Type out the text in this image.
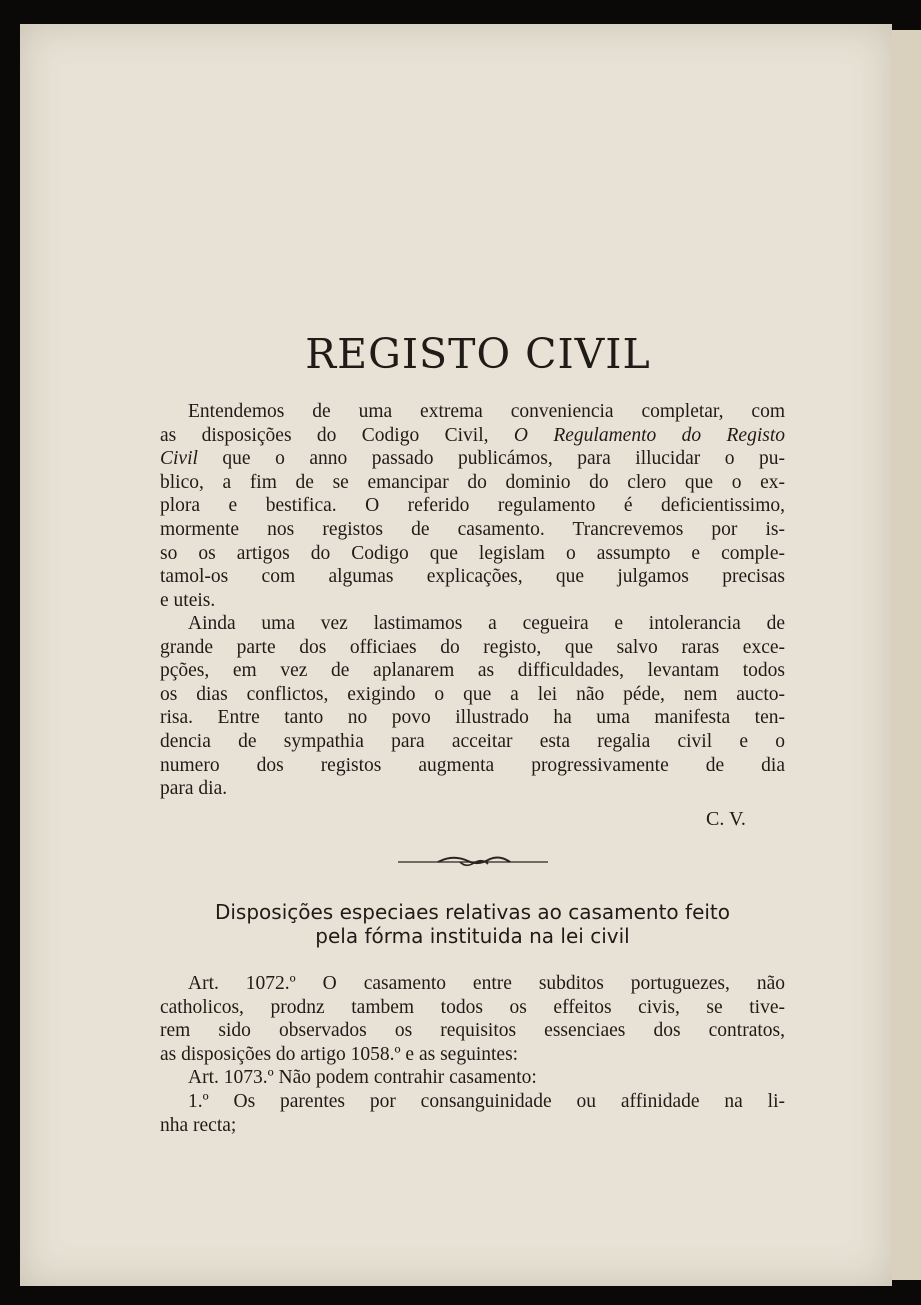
REGISTO CIVIL
Entendemos de uma extrema conveniencia completar, com
as disposições do Codigo Civil, O Regulamento do Registo
Civil que o anno passado publicámos, para illucidar o pu-
blico, a fim de se emancipar do dominio do clero que o ex-
plora e bestifica. O referido regulamento é deficientissimo,
mormente nos registos de casamento. Trancrevemos por is-
so os artigos do Codigo que legislam o assumpto e comple-
tamol-os com algumas explicações, que julgamos precisas
e uteis.
Ainda uma vez lastimamos a cegueira e intolerancia de
grande parte dos officiaes do registo, que salvo raras exce-
pções, em vez de aplanarem as difficuldades, levantam todos
os dias conflictos, exigindo o que a lei não péde, nem aucto-
risa. Entre tanto no povo illustrado ha uma manifesta ten-
dencia de sympathia para acceitar esta regalia civil e o
numero dos registos augmenta progressivamente de dia
para dia.

C. V.

Disposições especiaes relativas ao casamento feito
pela fórma instituida na lei civil
Art. 1072.º O casamento entre subditos portuguezes, não
catholicos, prodnz tambem todos os effeitos civis, se tive-
rem sido observados os requisitos essenciaes dos contratos,
as disposições do artigo 1058.º e as seguintes:
Art. 1073.º Não podem contrahir casamento:
1.º Os parentes por consanguinidade ou affinidade na li-
nha recta;
